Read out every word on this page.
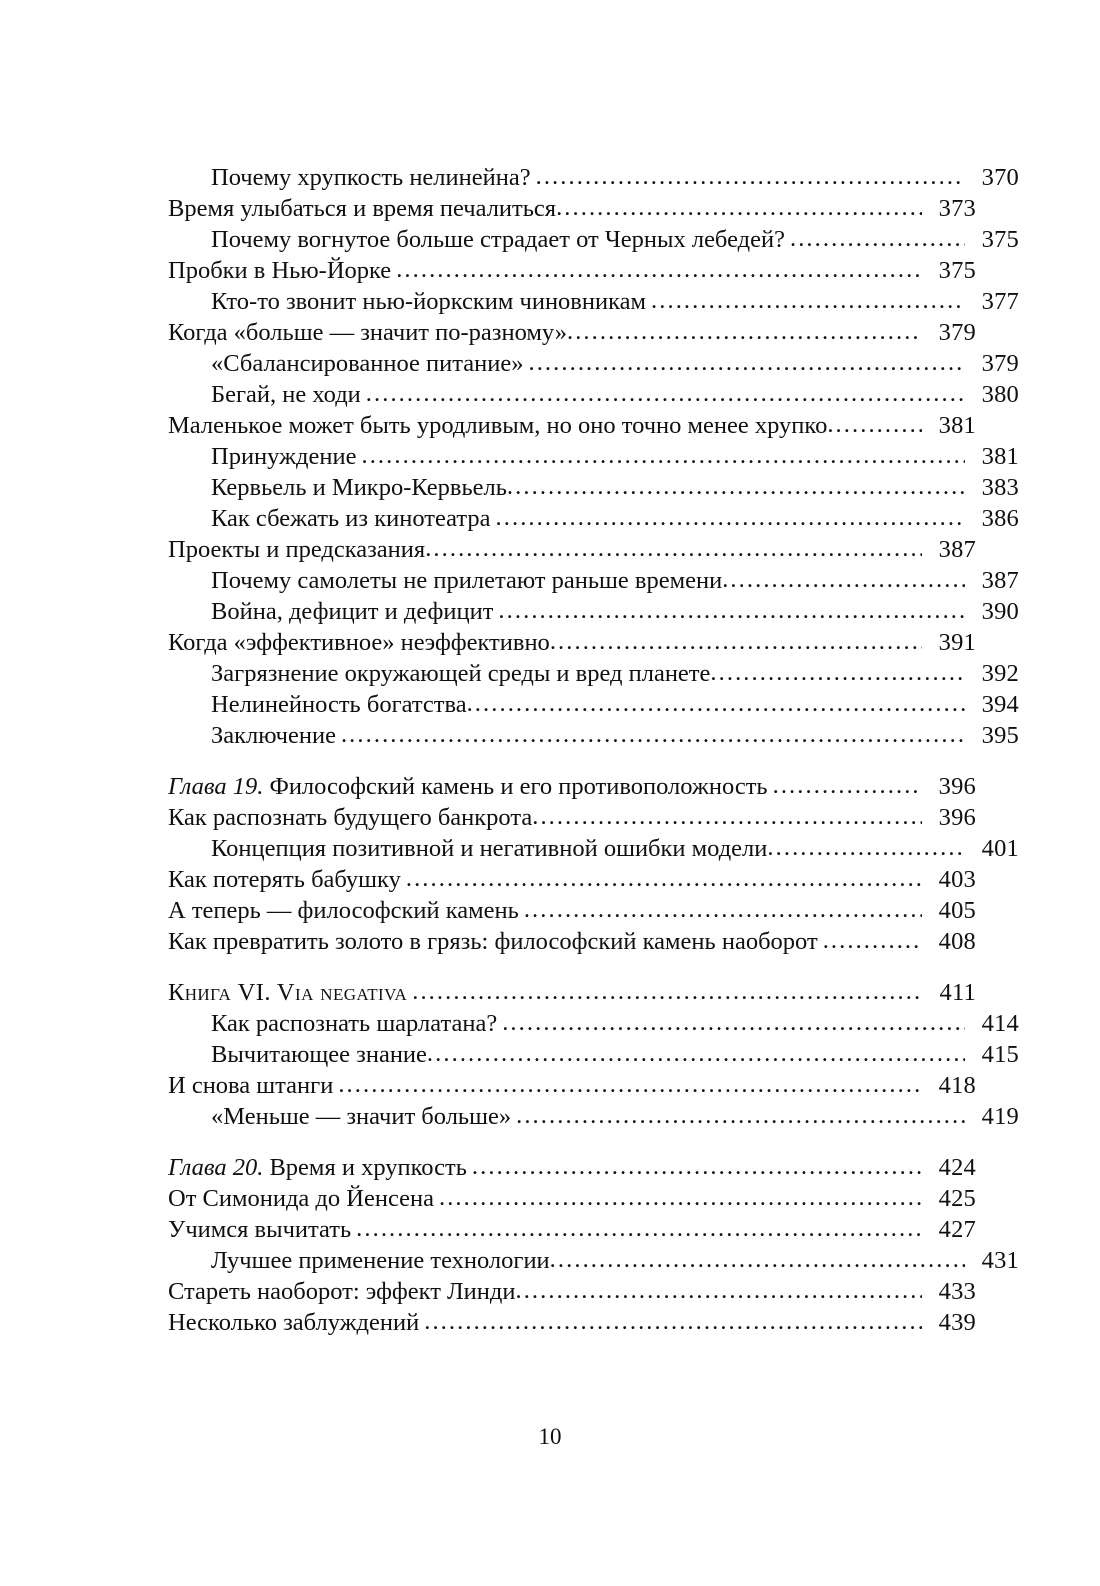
Почему хрупкость нелинейна? .....	370
Время улыбаться и время печалиться .....	373
Почему вогнутое больше страдает от Черных лебедей? .....	375
Пробки в Нью-Йорке .....	375
Кто-то звонит нью-йоркским чиновникам .....	377
Когда «больше — значит по-разному» .....	379
«Сбалансированное питание» .....	379
Бегай, не ходи .....	380
Маленькое может быть уродливым, но оно точно менее хрупко .....	381
Принуждение .....	381
Кервьель и Микро-Кервьель .....	383
Как сбежать из кинотеатра .....	386
Проекты и предсказания .....	387
Почему самолеты не прилетают раньше времени .....	387
Война, дефицит и дефицит .....	390
Когда «эффективное» неэффективно .....	391
Загрязнение окружающей среды и вред планете .....	392
Нелинейность богатства .....	394
Заключение .....	395
Глава 19. Философский камень и его противоположность .....	396
Как распознать будущего банкрота .....	396
Концепция позитивной и негативной ошибки модели .....	401
Как потерять бабушку .....	403
А теперь — философский камень .....	405
Как превратить золото в грязь: философский камень наоборот .....	408
Книга VI. Via negativa .....	411
Как распознать шарлатана? .....	414
Вычитающее знание .....	415
И снова штанги .....	418
«Меньше — значит больше» .....	419
Глава 20. Время и хрупкость .....	424
От Симонида до Йенсена .....	425
Учимся вычитать .....	427
Лучшее применение технологии .....	431
Стареть наоборот: эффект Линди .....	433
Несколько заблуждений .....	439
10
